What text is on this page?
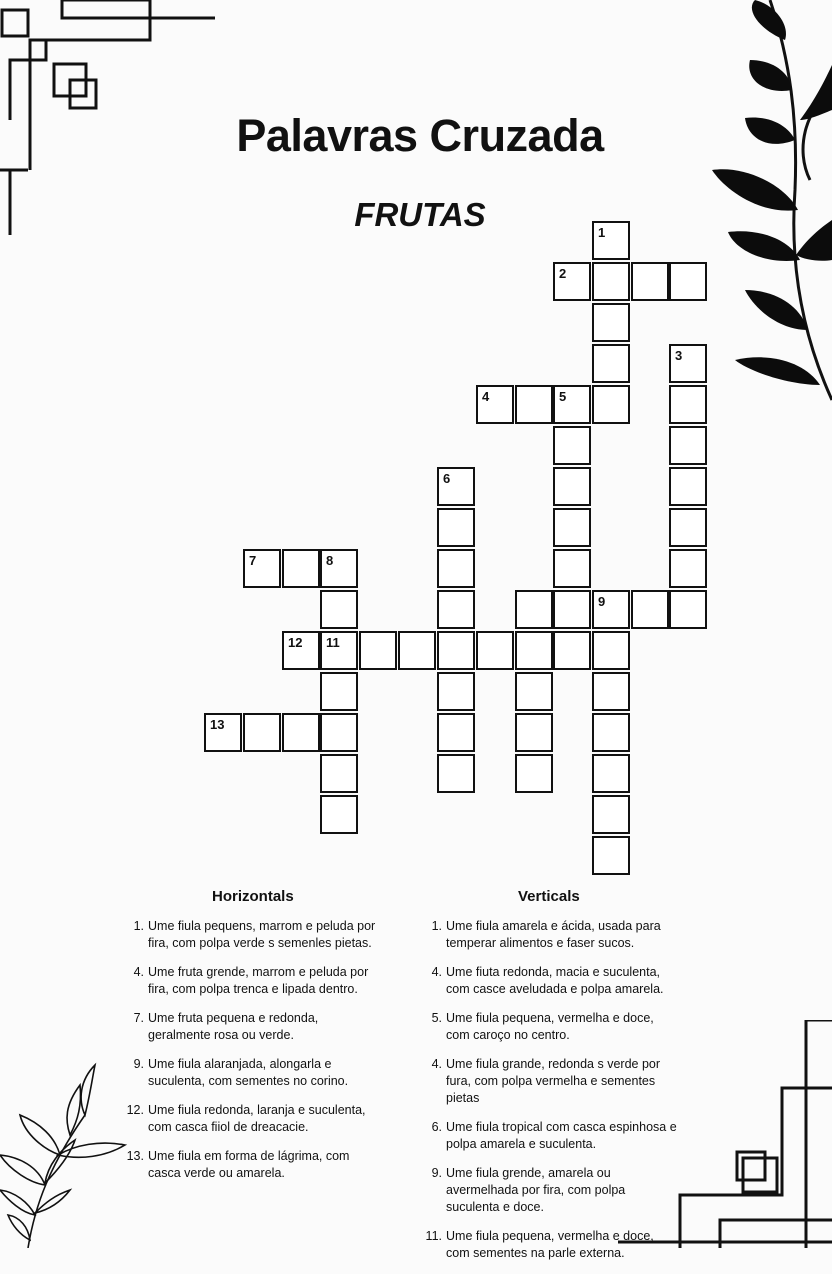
Palavras Cruzada
FRUTAS	1
2
3
4	5
6
7	8
9
11
12
13
Horizontals	Verticals
1. Ume fiula pequens, marrom e peluda por fira, com polpa verde s semenles pietas.
4. Ume fruta grende, marrom e peluda por fira, com polpa trenca e lipada dentro.
7. Ume fruta pequena e redonda, geralmente rosa ou verde.
9. Ume fiula alaranjada, alongarla e suculenta, com sementes no corino.
12. Ume fiula redonda, laranja e suculenta, com casca fiiol de dreacacie.
13. Ume fiula em forma de lágrima, com casca verde ou amarela.
1. Ume fiula amarela e ácida, usada para temperar alimentos e faser sucos.
4. Ume fiuta redonda, macia e suculenta, com casce aveludada e polpa amarela.
5. Ume fiula pequena, vermelha e doce, com caroço no centro.
4. Ume fiula grande, redonda s verde por fura, com polpa vermelha e sementes pietas
6. Ume fiula tropical com casca espinhosa e polpa amarela e suculenta.
9. Ume fiula grende, amarela ou avermelhada por fira, com polpa suculenta e doce.
11. Ume fiula pequena, vermelha e doce, com sementes na parle externa.
